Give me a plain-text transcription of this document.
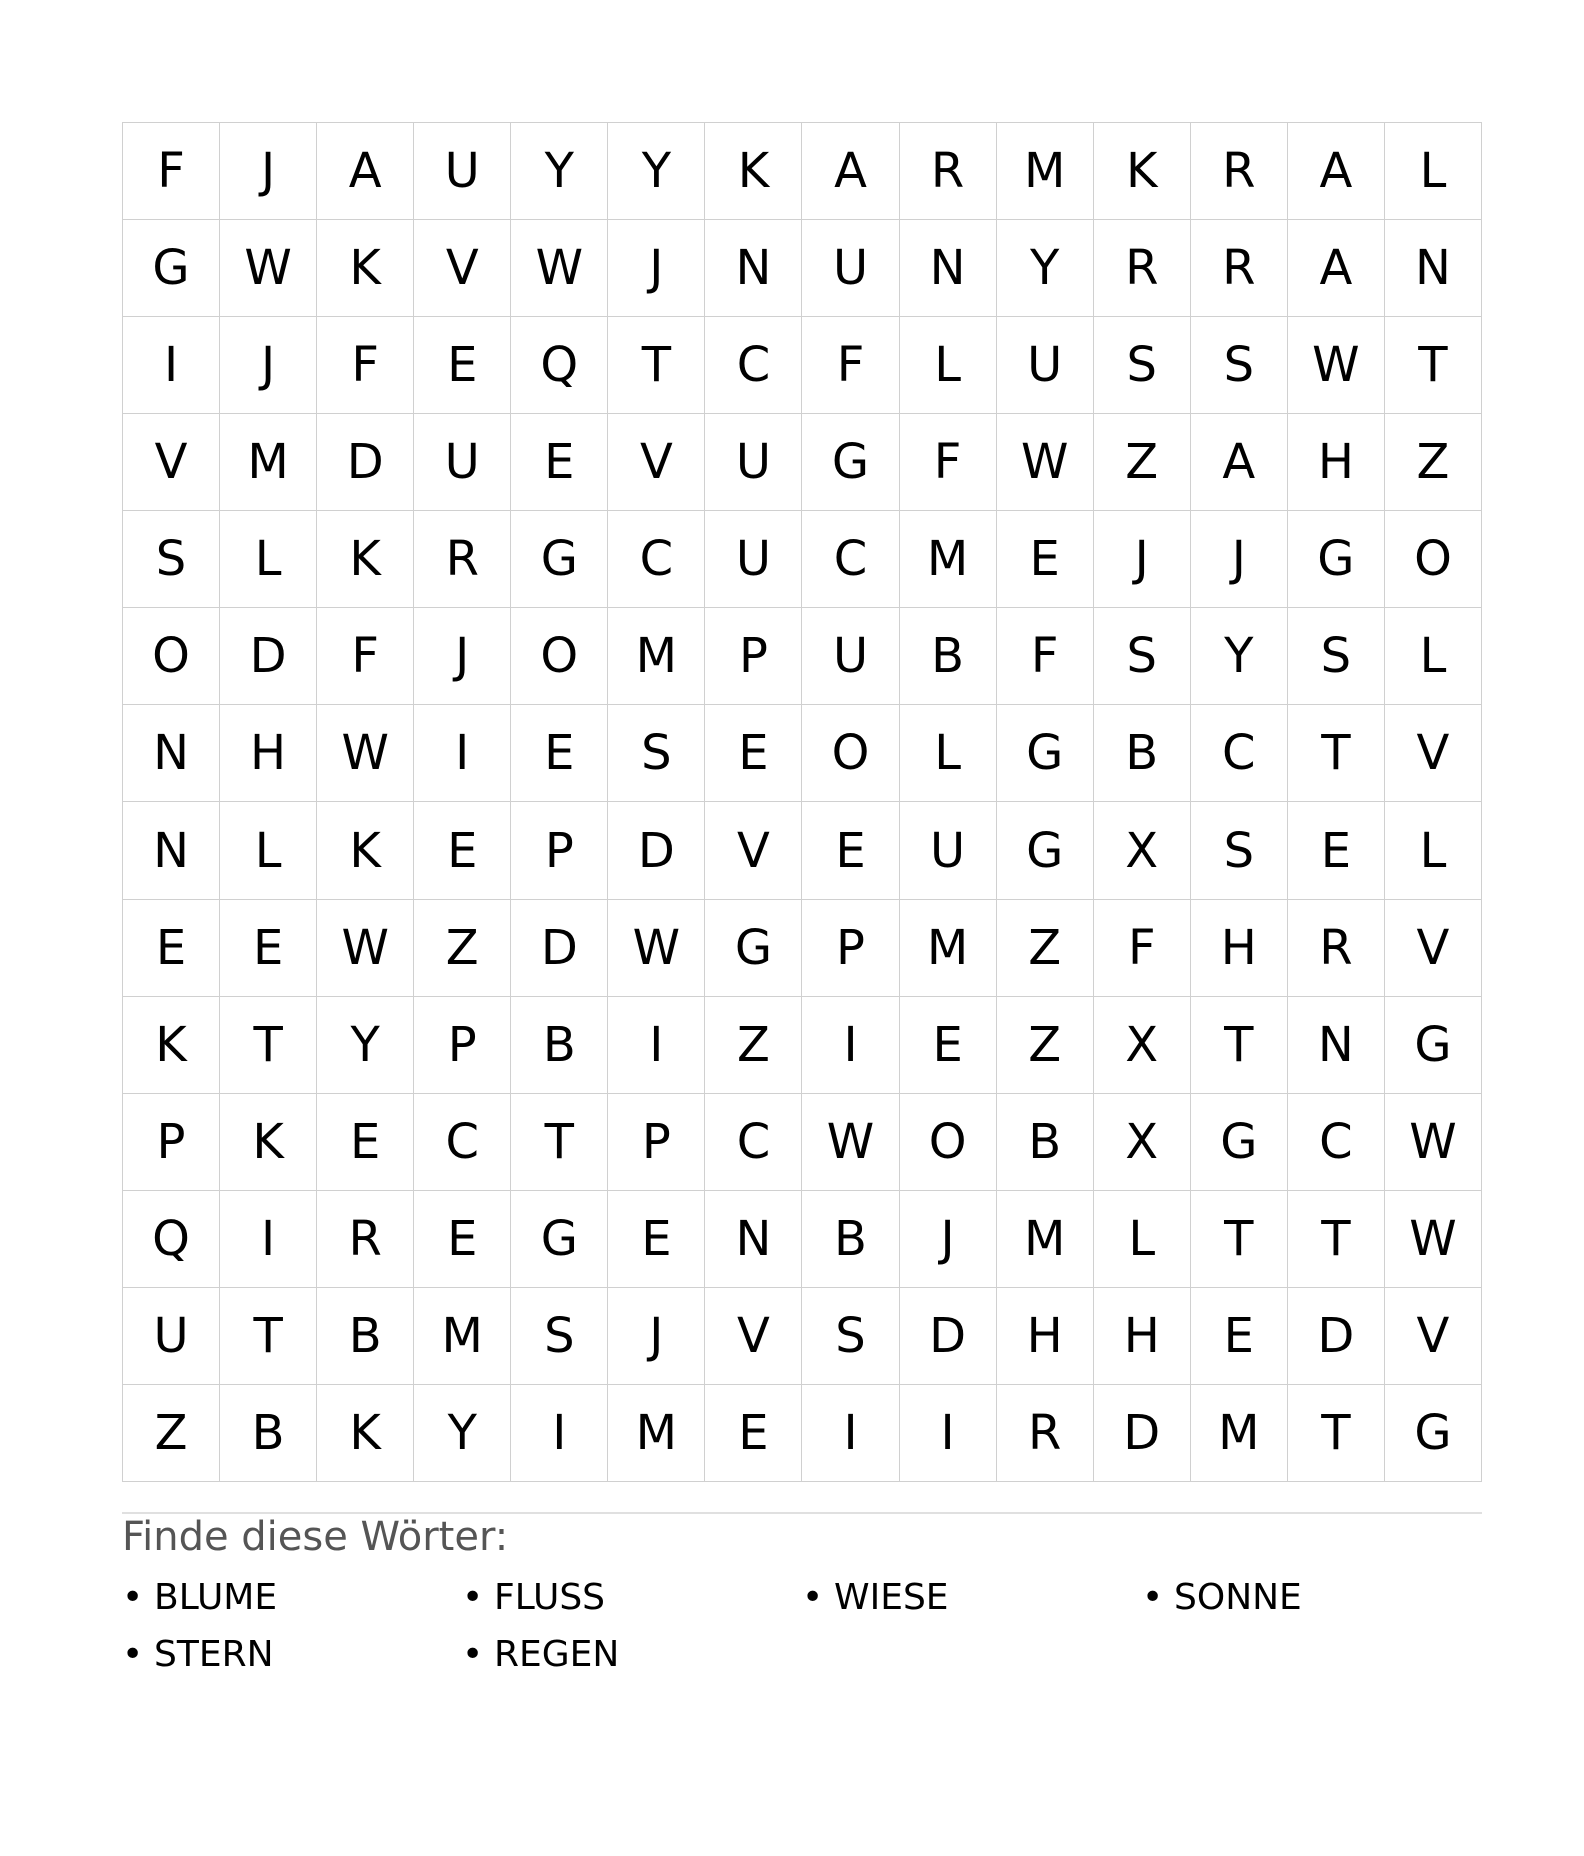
F	J	A	U	Y	Y	K	A	R	M	K	R	A	L
G	W	K	V	W	J	N	U	N	Y	R	R	A	N
I	J	F	E	Q	T	C	F	L	U	S	S	W	T
V	M	D	U	E	V	U	G	F	W	Z	A	H	Z
S	L	K	R	G	C	U	C	M	E	J	J	G	O
O	D	F	J	O	M	P	U	B	F	S	Y	S	L
N	H	W	I	E	S	E	O	L	G	B	C	T	V
N	L	K	E	P	D	V	E	U	G	X	S	E	L
E	E	W	Z	D	W	G	P	M	Z	F	H	R	V
K	T	Y	P	B	I	Z	I	E	Z	X	T	N	G
P	K	E	C	T	P	C	W	O	B	X	G	C	W
Q	I	R	E	G	E	N	B	J	M	L	T	T	W
U	T	B	M	S	J	V	S	D	H	H	E	D	V
Z	B	K	Y	I	M	E	I	I	R	D	M	T	G
Finde diese Wörter:
• BLUME	• FLUSS	• WIESE	• SONNE
• STERN	• REGEN
